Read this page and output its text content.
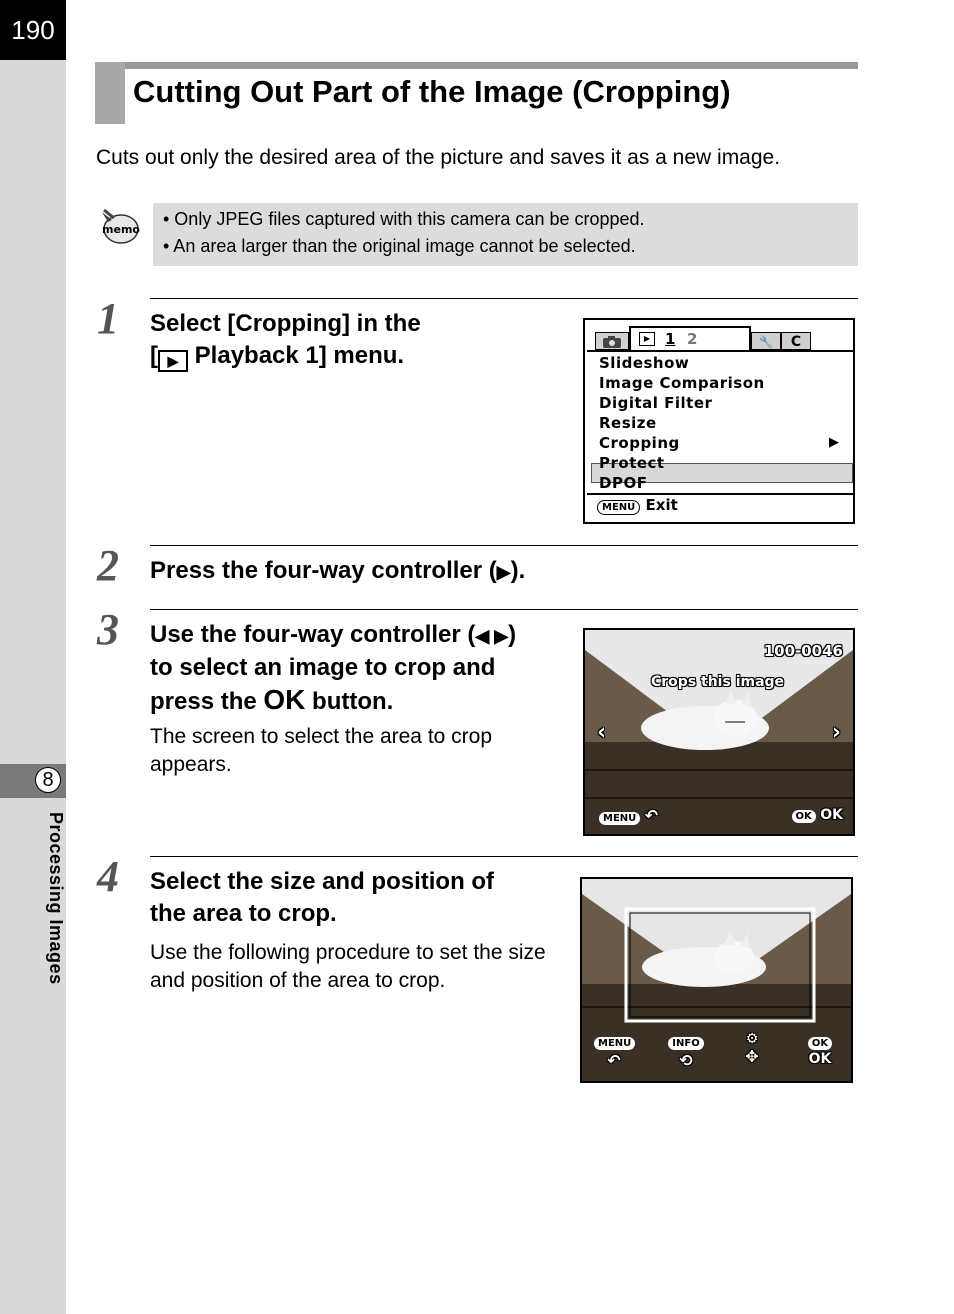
190
8
Processing Images
Cutting Out Part of the Image (Cropping)
Cuts out only the desired area of the picture and saves it as a new image.
memo
• Only JPEG files captured with this camera can be cropped.
• An area larger than the original image cannot be selected.
1 Select [Cropping] in the
[ ▶ Playback 1] menu.
▶ 1 2	🔧	C
Slideshow
Image Comparison
Digital Filter
Resize
Cropping
Protect
DPOF
▶
MENU Exit
2 Press the four-way controller (▶).
3 Use the four-way controller (◀ ▶)
to select an image to crop and
press the OK button.
The screen to select the area to crop appears.
100-0046
Crops this image
‹	›
MENU ↶	OK OK
4 Select the size and position of
the area to crop.
Use the following procedure to set the size and position of the area to crop.
MENU
↶
INFO
⟲
⚙
✥
OK
OK
